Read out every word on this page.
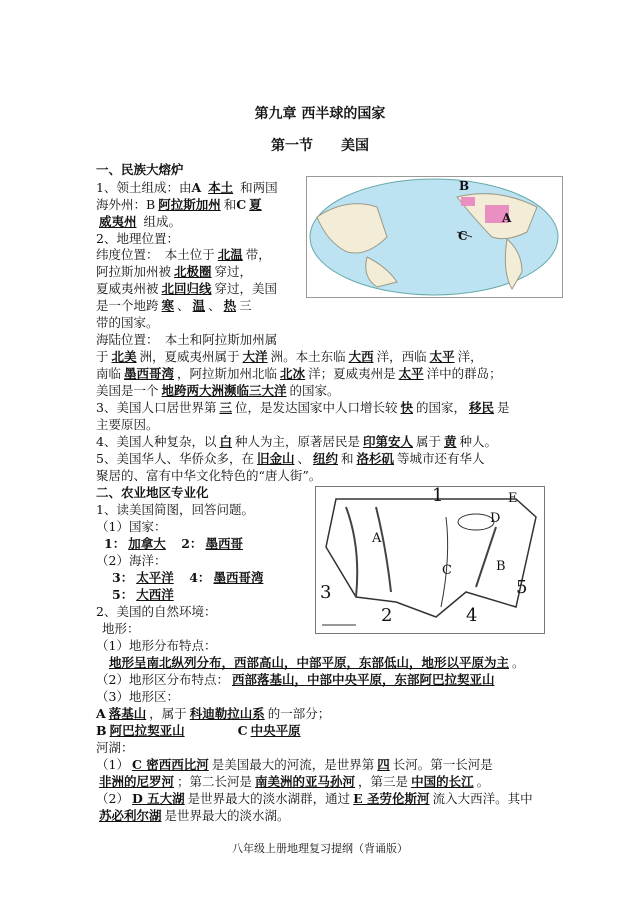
第九章 西半球的国家
第一节　　美国
一、民族大熔炉
1、领土组成：由A 本土 和两国
海外州：B 阿拉斯加州 和C 夏
威夷州 组成。
2、地理位置：
纬度位置：　本土位于 北温 带，
阿拉斯加州被 北极圈 穿过，
夏威夷州被 北回归线 穿过，美国
是一个地跨 寒 、 温 、 热 三
带的国家。
海陆位置：　本土和阿拉斯加州属
于 北美 洲，夏威夷州属于 大洋 洲。本土东临 大西 洋，西临 太平 洋，
南临 墨西哥湾 ，阿拉斯加州北临 北冰 洋；夏威夷州是 太平 洋中的群岛；
美国是一个 地跨两大洲濒临三大洋 的国家。
3、美国人口居世界第 三 位，是发达国家中人口增长较 快 的国家， 移民 是
主要原因。
4、美国人种复杂，以 白 种人为主，原著居民是 印第安人 属于 黄 种人。
5、美国华人、华侨众多，在 旧金山 、 纽约 和 洛杉矶 等城市还有华人
聚居的、富有中华文化特色的“唐人街”。
二、农业地区专业化
1、读美国简图，回答问题。
（1）国家：
1： 加拿大　 2： 墨西哥
（2）海洋：
3： 太平洋　 4： 墨西哥湾
5： 大西洋
2、美国的自然环境：
地形：
（1）地形分布特点：
地形呈南北纵列分布，西部高山，中部平原，东部低山，地形以平原为主 。
（2）地形区分布特点： 西部落基山，中部中央平原，东部阿巴拉契亚山
（3）地形区：
A 落基山 ，属于 科迪勒拉山系 的一部分；
B 阿巴拉契亚山　　　　	C 中央平原
河湖：
（1） C 密西西比河 是美国最大的河流，是世界第 四 长河。第一长河是
非洲的尼罗河 ；第二长河是 南美洲的亚马孙河 ，第三是 中国的长江 。
（2） D 五大湖 是世界最大的淡水湖群，通过 E 圣劳伦斯河 流入大西洋。其中
苏必利尔湖 是世界最大的淡水湖。
B
A
C
1
2
3
4
5
A
B
C
D
E
八年级上册地理复习提纲（背诵版）
